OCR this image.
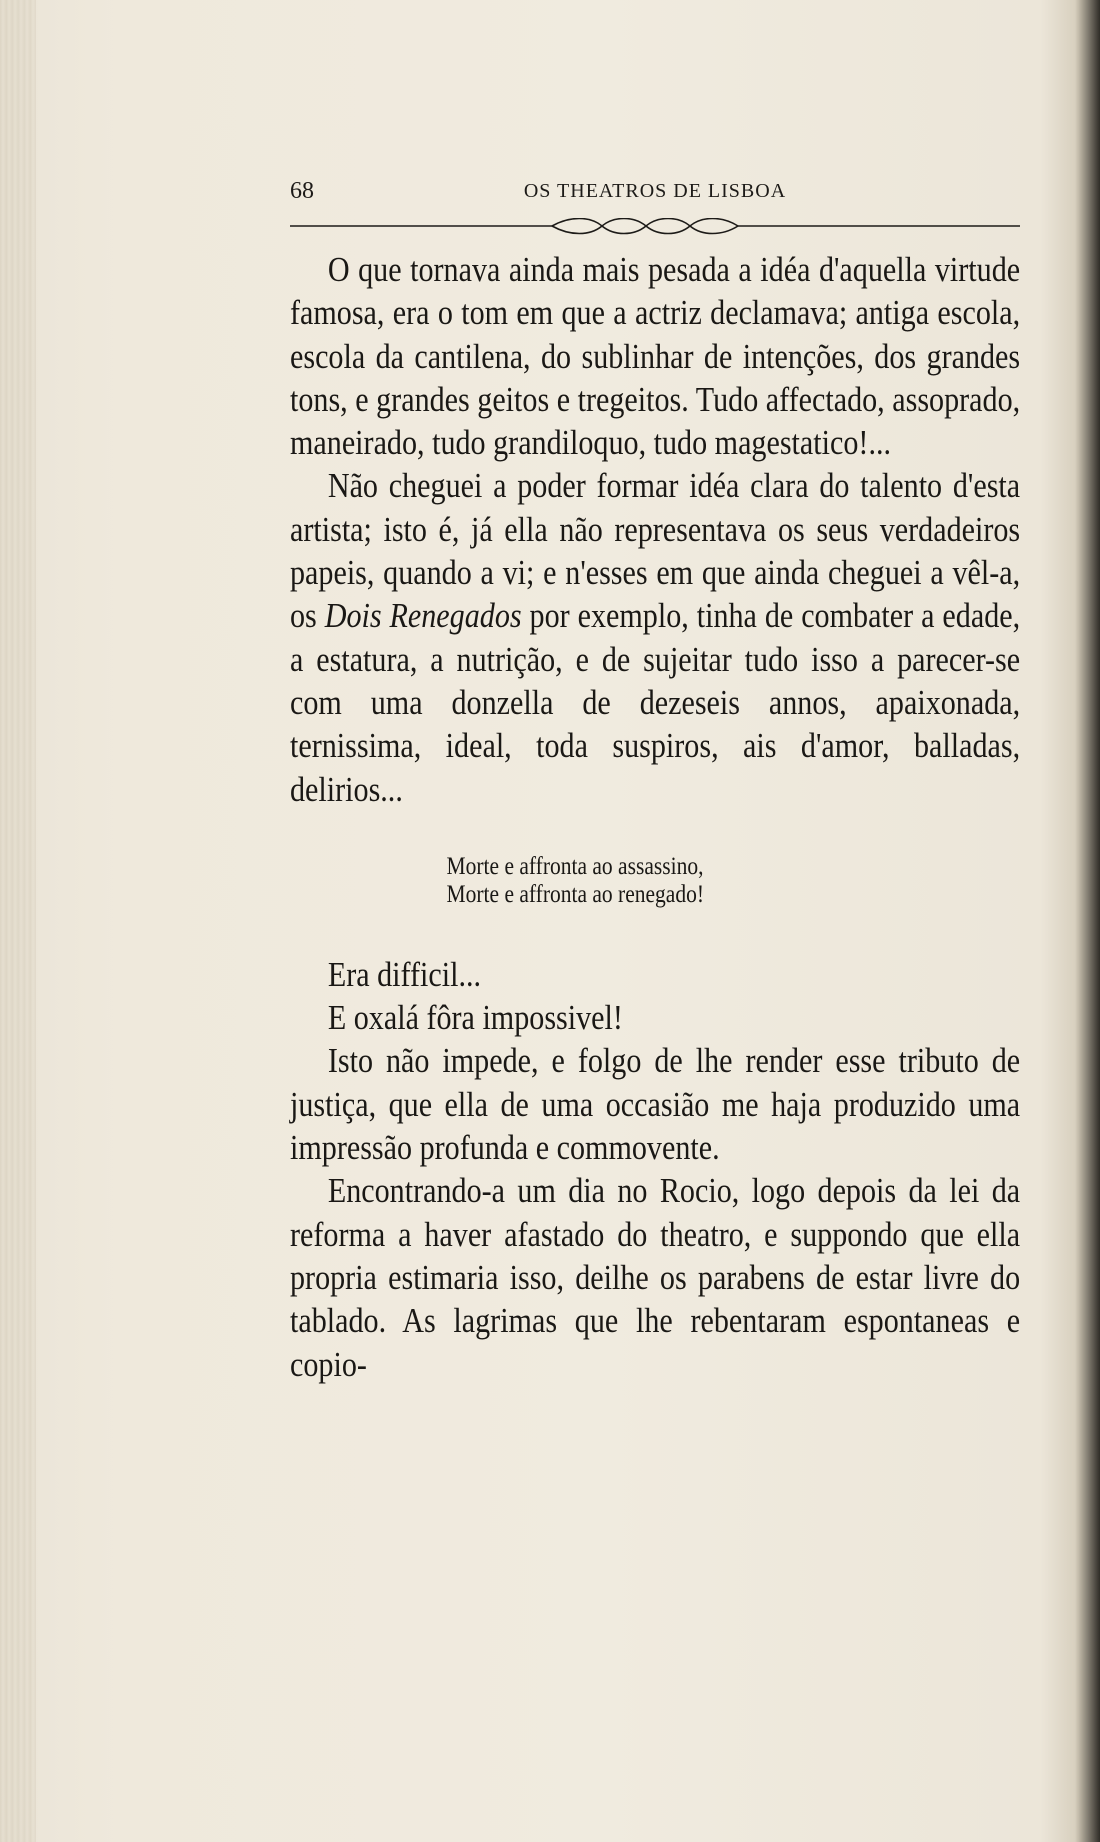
68	OS THEATROS DE LISBOA

O que tornava ainda mais pesada a idéa d'aquella virtude famosa, era o tom em que a actriz declamava; antiga escola, escola da cantilena, do sublinhar de intenções, dos grandes tons, e grandes geitos e tregeitos. Tudo affectado, assoprado, maneirado, tudo grandiloquo, tudo magestatico!...

Não cheguei a poder formar idéa clara do talento d'esta artista; isto é, já ella não representava os seus verdadeiros papeis, quando a vi; e n'esses em que ainda cheguei a vêl-a, os Dois Renegados por exemplo, tinha de combater a edade, a estatura, a nutrição, e de sujeitar tudo isso a parecer-se com uma donzella de dezeseis annos, apaixonada, ternissima, ideal, toda suspiros, ais d'amor, balladas, delirios...

Morte e affronta ao assassino,
Morte e affronta ao renegado!

Era difficil...

E oxalá fôra impossivel!

Isto não impede, e folgo de lhe render esse tributo de justiça, que ella de uma occasião me haja produzido uma impressão profunda e commovente.

Encontrando-a um dia no Rocio, logo depois da lei da reforma a haver afastado do theatro, e suppondo que ella propria estimaria isso, deilhe os parabens de estar livre do tablado. As lagrimas que lhe rebentaram espontaneas e copio-
